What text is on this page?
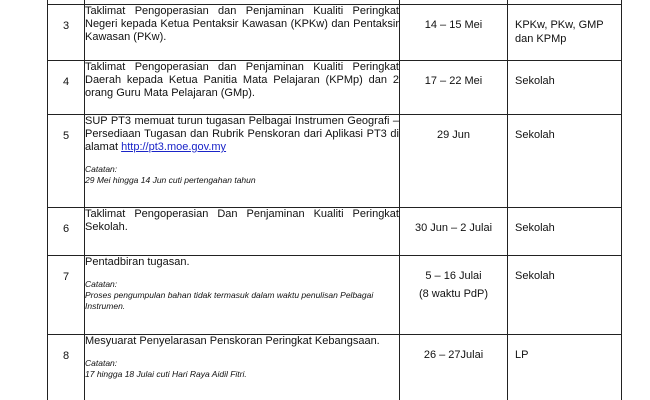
3	Taklimat Pengoperasian dan Penjaminan Kualiti Peringkat Negeri kepada Ketua Pentaksir Kawasan (KPKw) dan Pentaksir Kawasan (PKw).	14 – 15 Mei	KPKw, PKw, GMP dan KPMp

4	Taklimat Pengoperasian dan Penjaminan Kualiti Peringkat Daerah kepada Ketua Panitia Mata Pelajaran (KPMp) dan 2 orang Guru Mata Pelajaran (GMp).	17 – 22 Mei	Sekolah

5	SUP PT3 memuat turun tugasan Pelbagai Instrumen Geografi – Persediaan Tugasan dan Rubrik Penskoran dari Aplikasi PT3 di alamat http://pt3.moe.gov.my
Catatan:
29 Mei hingga 14 Jun cuti pertengahan tahun	29 Jun	Sekolah

6	Taklimat Pengoperasian Dan Penjaminan Kualiti Peringkat Sekolah.	30 Jun – 2 Julai	Sekolah

7	Pentadbiran tugasan.
Catatan:
Proses pengumpulan bahan tidak termasuk dalam waktu penulisan Pelbagai Instrumen.	5 – 16 Julai
(8 waktu PdP)	Sekolah

8	Mesyuarat Penyelarasan Penskoran Peringkat Kebangsaan.
Catatan:
17 hingga 18 Julai cuti Hari Raya Aidil Fitri.	26 – 27Julai	LP
